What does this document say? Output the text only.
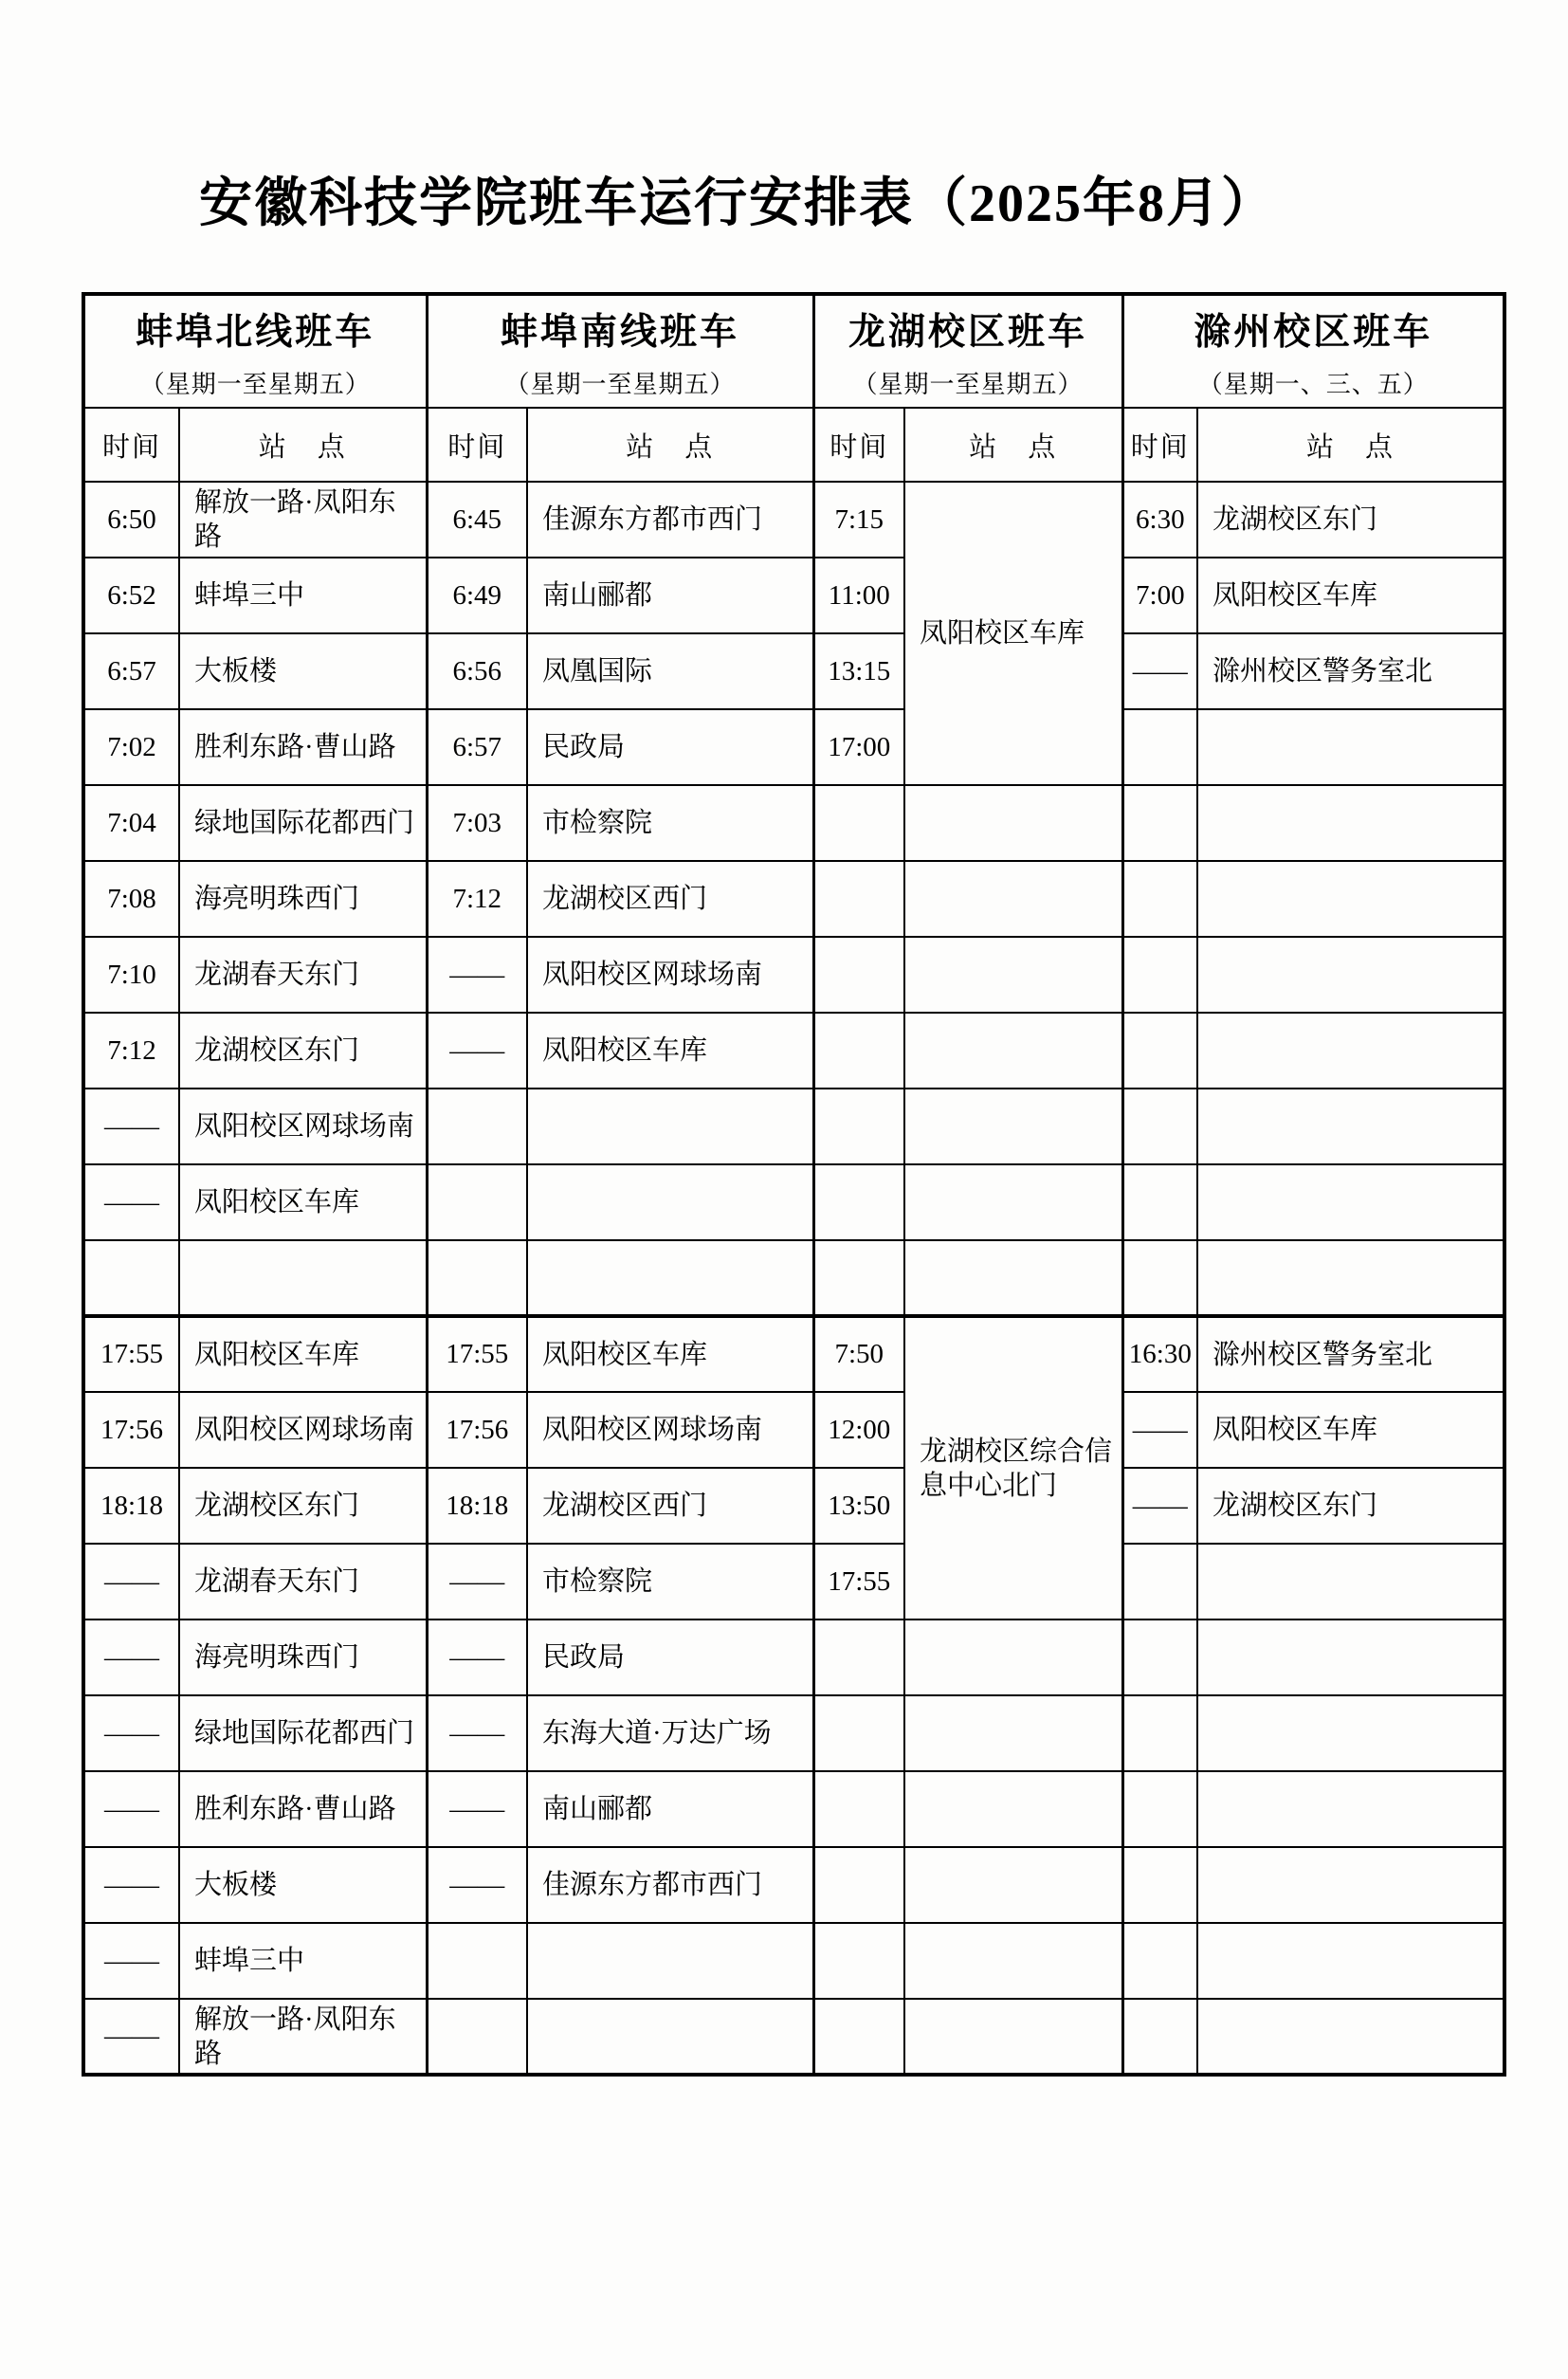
安徽科技学院班车运行安排表（2025年8月）
蚌埠北线班车
（星期一至星期五）

蚌埠南线班车
（星期一至星期五）

龙湖校区班车
（星期一至星期五）

滁州校区班车
（星期一、三、五）

时间	站　点	时间	站　点	时间	站　点	时间	站　点
6:50	解放一路·凤阳东路	6:45	佳源东方都市西门	7:15	凤阳校区车库	6:30	龙湖校区东门
6:52	蚌埠三中	6:49	南山郦都	11:00		7:00	凤阳校区车库
6:57	大板楼	6:56	凤凰国际	13:15		——	滁州校区警务室北
7:02	胜利东路·曹山路	6:57	民政局	17:00			
7:04	绿地国际花都西门	7:03	市检察院				
7:08	海亮明珠西门	7:12	龙湖校区西门				
7:10	龙湖春天东门	——	凤阳校区网球场南				
7:12	龙湖校区东门	——	凤阳校区车库				
——	凤阳校区网球场南						
——	凤阳校区车库						

17:55	凤阳校区车库	17:55	凤阳校区车库	7:50	龙湖校区综合信息中心北门	16:30	滁州校区警务室北
17:56	凤阳校区网球场南	17:56	凤阳校区网球场南	12:00		——	凤阳校区车库
18:18	龙湖校区东门	18:18	龙湖校区西门	13:50		——	龙湖校区东门
——	龙湖春天东门	——	市检察院	17:55			
——	海亮明珠西门	——	民政局				
——	绿地国际花都西门	——	东海大道·万达广场				
——	胜利东路·曹山路	——	南山郦都				
——	大板楼	——	佳源东方都市西门				
——	蚌埠三中						
——	解放一路·凤阳东路						
